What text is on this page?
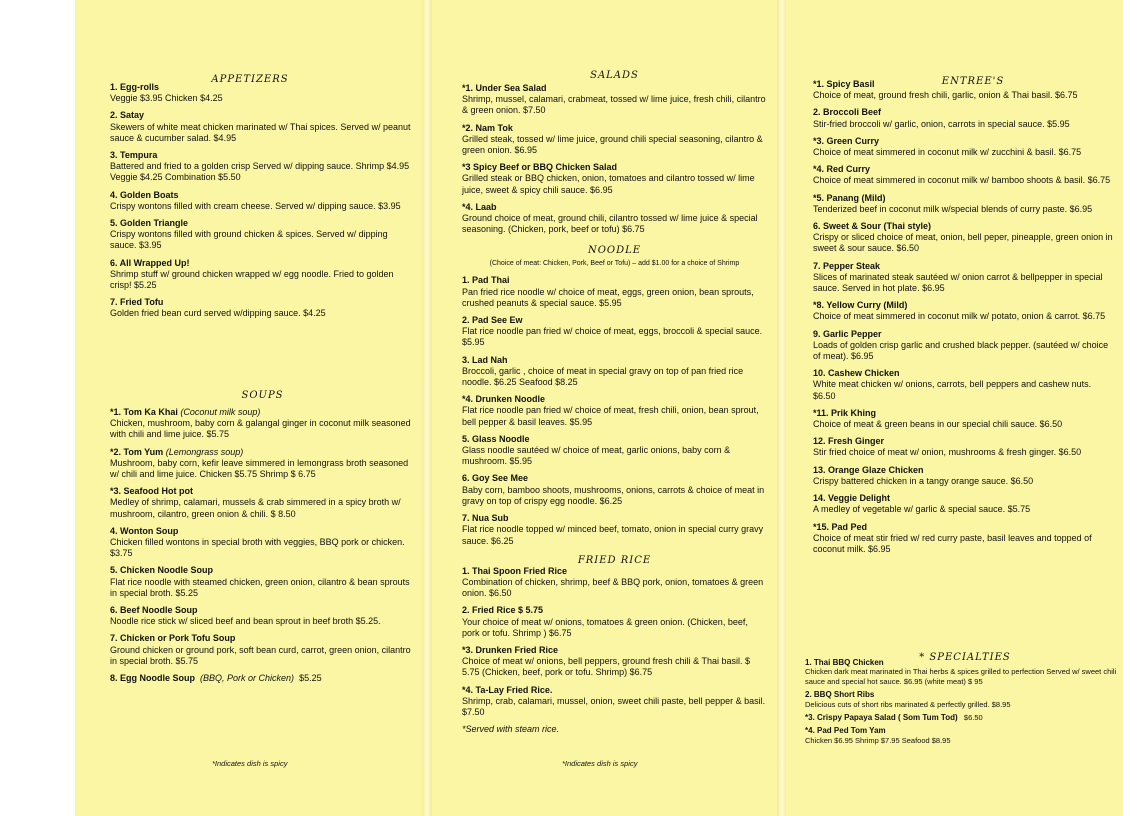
APPETIZERS
1. Egg-rolls
Veggie $3.95 Chicken $4.25
2. Satay
Skewers of white meat chicken marinated w/ Thai spices. Served w/ peanut sauce & cucumber salad. $4.95
3. Tempura
Battered and fried to a golden crisp Served w/ dipping sauce. Shrimp $4.95 Veggie $4.25 Combination $5.50
4. Golden Boats
Crispy wontons filled with cream cheese. Served w/ dipping sauce. $3.95
5. Golden Triangle
Crispy wontons filled with ground chicken & spices. Served w/ dipping sauce. $3.95
6. All Wrapped Up!
Shrimp stuff w/ ground chicken wrapped w/ egg noodle. Fried to golden crisp! $5.25
7. Fried Tofu
Golden fried bean curd served w/dipping sauce. $4.25
SOUPS
*1. Tom Ka Khai (Coconut milk soup)
Chicken, mushroom, baby corn & galangal ginger in coconut milk seasoned with chili and lime juice. $5.75
*2. Tom Yum (Lemongrass soup)
Mushroom, baby corn, kefir leave simmered in lemongrass broth seasoned w/ chili and lime juice. Chicken $5.75 Shrimp $ 6.75
*3. Seafood Hot pot
Medley of shrimp, calamari, mussels & crab simmered in a spicy broth w/ mushroom, cilantro, green onion & chili. $ 8.50
4. Wonton Soup
Chicken filled wontons in special broth with veggies, BBQ pork or chicken. $3.75
5. Chicken Noodle Soup
Flat rice noodle with steamed chicken, green onion, cilantro & bean sprouts in special broth. $5.25
6. Beef Noodle Soup
Noodle rice stick w/ sliced beef and bean sprout in beef broth $5.25.
7. Chicken or Pork Tofu Soup
Ground chicken or ground pork, soft bean curd, carrot, green onion, cilantro in special broth. $5.75
8. Egg Noodle Soup (BBQ, Pork or Chicken) $5.25
*Indicates dish is spicy
SALADS
*1. Under Sea Salad
Shrimp, mussel, calamari, crabmeat, tossed w/ lime juice, fresh chili, cilantro & green onion. $7.50
*2. Nam Tok
Grilled steak, tossed w/ lime juice, ground chili special seasoning, cilantro & green onion. $6.95
*3 Spicy Beef or BBQ Chicken Salad
Grilled steak or BBQ chicken, onion, tomatoes and cilantro tossed w/ lime juice, sweet & spicy chili sauce. $6.95
*4. Laab
Ground choice of meat, ground chili, cilantro tossed w/ lime juice & special seasoning. (Chicken, pork, beef or tofu) $6.75
NOODLE
(Choice of meat: Chicken, Pork, Beef or Tofu) – add $1.00 for a choice of Shrimp
1. Pad Thai
Pan fried rice noodle w/ choice of meat, eggs, green onion, bean sprouts, crushed peanuts & special sauce. $5.95
2. Pad See Ew
Flat rice noodle pan fried w/ choice of meat, eggs, broccoli & special sauce. $5.95
3. Lad Nah
Broccoli, garlic , choice of meat in special gravy on top of pan fried rice noodle. $6.25 Seafood $8.25
*4. Drunken Noodle
Flat rice noodle pan fried w/ choice of meat, fresh chili, onion, bean sprout, bell pepper & basil leaves. $5.95
5. Glass Noodle
Glass noodle sautéed w/ choice of meat, garlic onions, baby corn & mushroom. $5.95
6. Goy See Mee
Baby corn, bamboo shoots, mushrooms, onions, carrots & choice of meat in gravy on top of crispy egg noodle. $6.25
7. Nua Sub
Flat rice noodle topped w/ minced beef, tomato, onion in special curry gravy sauce. $6.25
FRIED RICE
1. Thai Spoon Fried Rice
Combination of chicken, shrimp, beef & BBQ pork, onion, tomatoes & green onion. $6.50
2. Fried Rice $ 5.75
Your choice of meat w/ onions, tomatoes & green onion. (Chicken, beef, pork or tofu. Shrimp ) $6.75
*3. Drunken Fried Rice
Choice of meat w/ onions, bell peppers, ground fresh chili & Thai basil. $ 5.75 (Chicken, beef, pork or tofu. Shrimp) $6.75
*4. Ta-Lay Fried Rice.
Shrimp, crab, calamari, mussel, onion, sweet chili paste, bell pepper & basil. $7.50
*Served with steam rice.
*Indicates dish is spicy
ENTREE'S
*1. Spicy Basil
Choice of meat, ground fresh chili, garlic, onion & Thai basil. $6.75
2. Broccoli Beef
Stir-fried broccoli w/ garlic, onion, carrots in special sauce. $5.95
*3. Green Curry
Choice of meat simmered in coconut milk w/ zucchini & basil. $6.75
*4. Red Curry
Choice of meat simmered in coconut milk w/ bamboo shoots & basil. $6.75
*5. Panang (Mild)
Tenderized beef in coconut milk w/special blends of curry paste. $6.95
6. Sweet & Sour (Thai style)
Crispy or sliced choice of meat, onion, bell peper, pineapple, green onion in sweet & sour sauce. $6.50
7. Pepper Steak
Slices of marinated steak sautéed w/ onion carrot & bellpepper in special sauce. Served in hot plate. $6.95
*8. Yellow Curry (Mild)
Choice of meat simmered in coconut milk w/ potato, onion & carrot. $6.75
9. Garlic Pepper
Loads of golden crisp garlic and crushed black pepper. (sautéed w/ choice of meat). $6.95
10. Cashew Chicken
White meat chicken w/ onions, carrots, bell peppers and cashew nuts. $6.50
*11. Prik Khing
Choice of meat & green beans in our special chili sauce. $6.50
12. Fresh Ginger
Stir fried choice of meat w/ onion, mushrooms & fresh ginger. $6.50
13. Orange Glaze Chicken
Crispy battered chicken in a tangy orange sauce. $6.50
14. Veggie Delight
A medley of vegetable w/ garlic & special sauce. $5.75
*15. Pad Ped
Choice of meat stir fried w/ red curry paste, basil leaves and topped of coconut milk. $6.95
* SPECIALTIES
1. Thai BBQ Chicken
Chicken dark meat marinated in Thai herbs & spices grilled to perfection Served w/ sweet chili sauce and special hot sauce. $6.95 (white meat) $ 95
2. BBQ Short Ribs
Delicious cuts of short ribs marinated & perfectly grilled. $8.95
*3. Crispy Papaya Salad ( Som Tum Tod) $6.50
*4. Pad Ped Tom Yam
Chicken $6.95 Shrimp $7.95 Seafood $8.95
